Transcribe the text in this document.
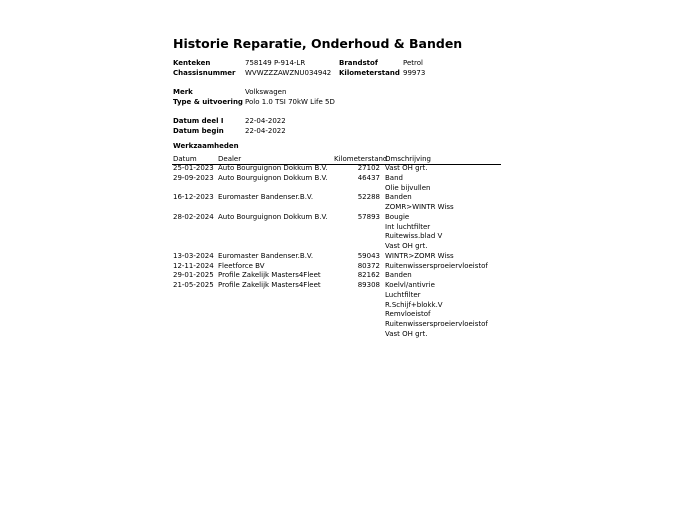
Historie Reparatie, Onderhoud & Banden
Kenteken	758149 P-914-LR	Brandstof	Petrol
Chassisnummer WVWZZZAWZNU034942 Kilometerstand 99973
Merk	Volkswagen
Type & uitvoering Polo 1.0 TSI 70kW Life 5D
Datum deel I	22-04-2022
Datum begin	22-04-2022
Werkzaamheden
Datum	Dealer	Kilometerstand
Omschrijving
25-01-2023 Auto Bourguignon Dokkum B.V.	27102 Vast OH grt.
29-09-2023 Auto Bourguignon Dokkum B.V.	46437 Band
Olie bijvullen
16-12-2023 Euromaster Bandenser.B.V.	52288 Banden
ZOMR>WINTR Wiss
28-02-2024 Auto Bourguignon Dokkum B.V.	57893 Bougie
Int luchtfilter
Ruitewiss.blad V
Vast OH grt.
13-03-2024 Euromaster Bandenser.B.V.	59043 WINTR>ZOMR Wiss
12-11-2024 Fleetforce BV	80372 Ruitenwissersproeiervloeistof
29-01-2025 Profile Zakelijk Masters4Fleet	82162 Banden
21-05-2025 Profile Zakelijk Masters4Fleet	89308 Koelvl/antivrie
Luchtfilter
R.Schijf+blokk.V
Remvloeistof
Ruitenwissersproeiervloeistof
Vast OH grt.
